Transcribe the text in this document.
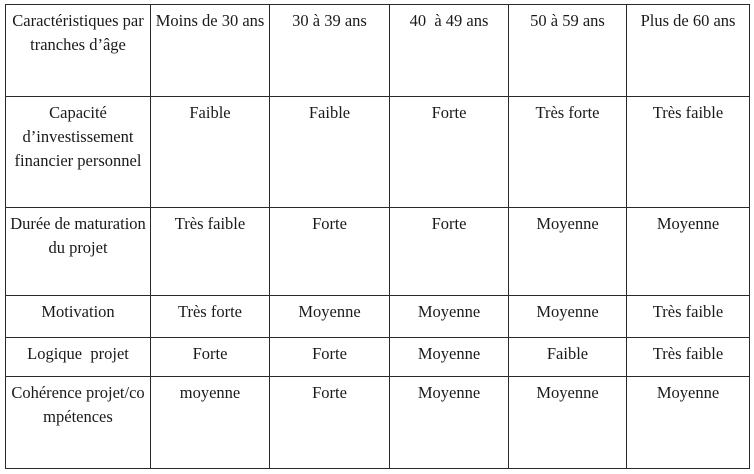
Caractéristiques par tranches d’âge	Moins de 30 ans	30 à 39 ans	40  à 49 ans	50 à 59 ans	Plus de 60 ans

Capacité d’investissement financier personnel	Faible	Faible	Forte	Très forte	Très faible

Durée de maturation du projet	Très faible	Forte	Forte	Moyenne	Moyenne

Motivation	Très forte	Moyenne	Moyenne	Moyenne	Très faible

Logique  projet	Forte	Forte	Moyenne	Faible	Très faible

Cohérence projet/compétences	moyenne	Forte	Moyenne	Moyenne	Moyenne
